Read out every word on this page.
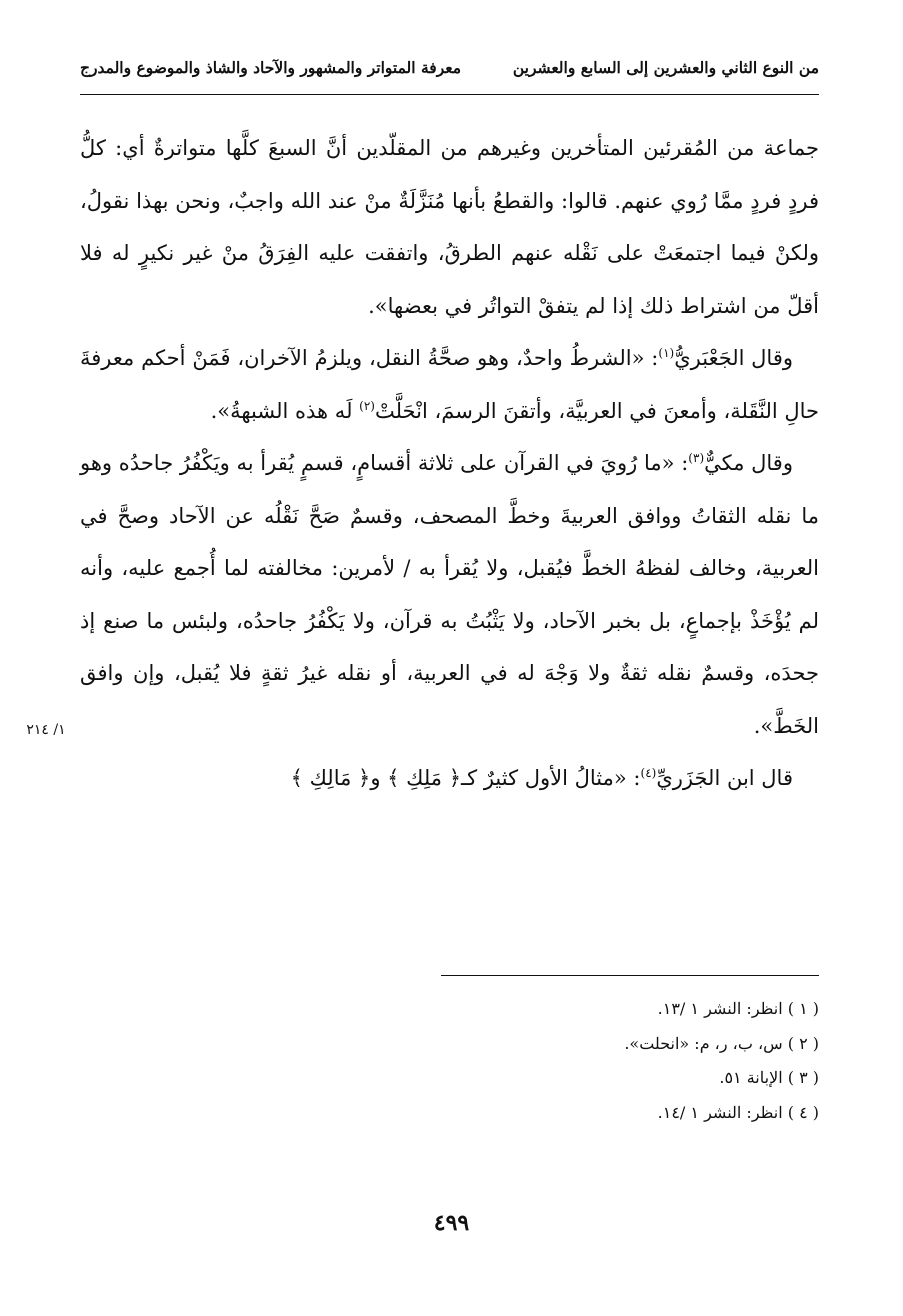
من النوع الثاني والعشرين إلى السابع والعشرين
معرفة المتواتر والمشهور والآحاد والشاذ والموضوع والمدرج

جماعة من المُقرئين المتأخرين وغيرهم من المقلّدين أنَّ السبعَ كلَّها متواترةٌ أي: كلُّ فردٍ فردٍ ممَّا رُوي عنهم. قالوا: والقطعُ بأنها مُنَزَّلَةٌ منْ عند الله واجبٌ، ونحن بهذا نقولُ، ولكنْ فيما اجتمعَتْ على نَقْله عنهم الطرقُ، واتفقت عليه الفِرَقُ منْ غير نكيرٍ له فلا أقلّ من اشتراط ذلك إذا لم يتفقْ التواتُر في بعضها».

وقال الجَعْبَريُّ$^{(١)}$: «الشرطُ واحدٌ، وهو صحَّةُ النقل، ويلزمُ الآخران، فَمَنْ أحكم معرفةَ حالِ النَّقَلة، وأمعنَ في العربيَّة، وأتقنَ الرسمَ، انْحَلَّتْ$^{(٢)}$ لَه هذه الشبهةُ».

وقال مكيٌّ$^{(٣)}$: «ما رُويَ في القرآن على ثلاثة أقسامٍ، قسمٍ يُقرأ به ويَكْفُرُ جاحدُه وهو ما نقله الثقاتُ ووافق العربيةَ وخطَّ المصحف، وقسمٌ صَحَّ نَقْلُه عن الآحاد وصحَّ في العربية، وخالف لفظهُ الخطَّ فيُقبل، ولا يُقرأ به / لأمرين: مخالفته لما أُجمع عليه، وأنه لم يُؤْخَذْ بإجماعٍ، بل بخبر الآحاد، ولا يَثْبُتُ به قرآن، ولا يَكْفُرُ جاحدُه، ولبئس ما صنع إذ جحدَه، وقسمٌ نقله ثقةٌ ولا وَجْهَ له في العربية، أو نقله غيرُ ثقةٍ فلا يُقبل، وإن وافق الخَطَّ».

قال ابن الجَزَريِّ$^{(٤)}$: «مثالُ الأول كثيرٌ كـ﴿ مَلِكِ ﴾ و﴿ مَالِكِ ﴾

١/ ٢١٤
( ١ ) انظر: النشر ١ /١٣.
( ٢ ) س، ب، ر، م: «انحلت».
( ٣ ) الإبانة ٥١.
( ٤ ) انظر: النشر ١ /١٤.
٤٩٩
